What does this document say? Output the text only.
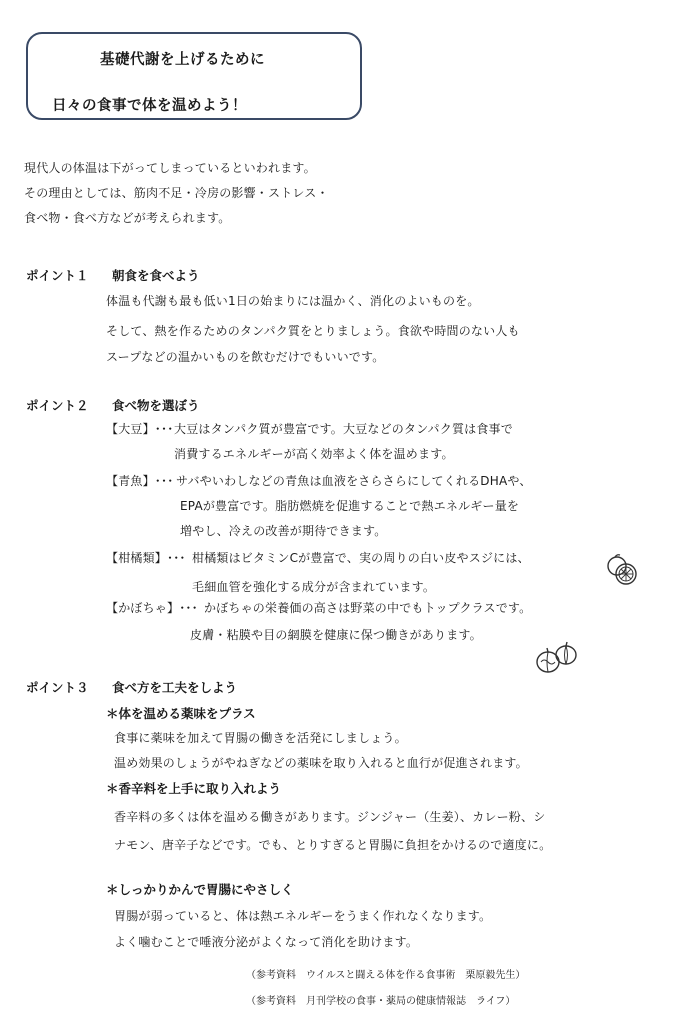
基礎代謝を上げるために
日々の食事で体を温めよう！
現代人の体温は下がってしまっているといわれます。
その理由としては、筋肉不足・冷房の影響・ストレス・
食べ物・食べ方などが考えられます。
ポイント１ 朝食を食べよう
体温も代謝も最も低い1日の始まりには温かく、消化のよいものを。
そして、熱を作るためのタンパク質をとりましょう。食欲や時間のない人も
スープなどの温かいものを飲むだけでもいいです。
ポイント２ 食べ物を選ぼう
【大豆】･･･ 大豆はタンパク質が豊富です。大豆などのタンパク質は食事で
消費するエネルギーが高く効率よく体を温めます。
【青魚】･･･ サバやいわしなどの青魚は血液をさらさらにしてくれるDHAや、
EPAが豊富です。脂肪燃焼を促進することで熱エネルギー量を
増やし、冷えの改善が期待できます。
【柑橘類】･･･ 柑橘類はビタミンCが豊富で、実の周りの白い皮やスジには、
毛細血管を強化する成分が含まれています。
【かぼちゃ】･･･ かぼちゃの栄養価の高さは野菜の中でもトップクラスです。
皮膚・粘膜や目の網膜を健康に保つ働きがあります。
ポイント３ 食べ方を工夫をしよう
＊体を温める薬味をプラス
食事に薬味を加えて胃腸の働きを活発にしましょう。
温め効果のしょうがやねぎなどの薬味を取り入れると血行が促進されます。
＊香辛料を上手に取り入れよう
香辛料の多くは体を温める働きがあります。ジンジャー（生姜）、カレー粉、シ
ナモン、唐辛子などです。でも、とりすぎると胃腸に負担をかけるので適度に。
＊しっかりかんで胃腸にやさしく
胃腸が弱っていると、体は熱エネルギーをうまく作れなくなります。
よく噛むことで唾液分泌がよくなって消化を助けます。
（参考資料　ウイルスと闘える体を作る食事術　栗原毅先生）
（参考資料　月刊学校の食事・薬局の健康情報誌　ライフ）
